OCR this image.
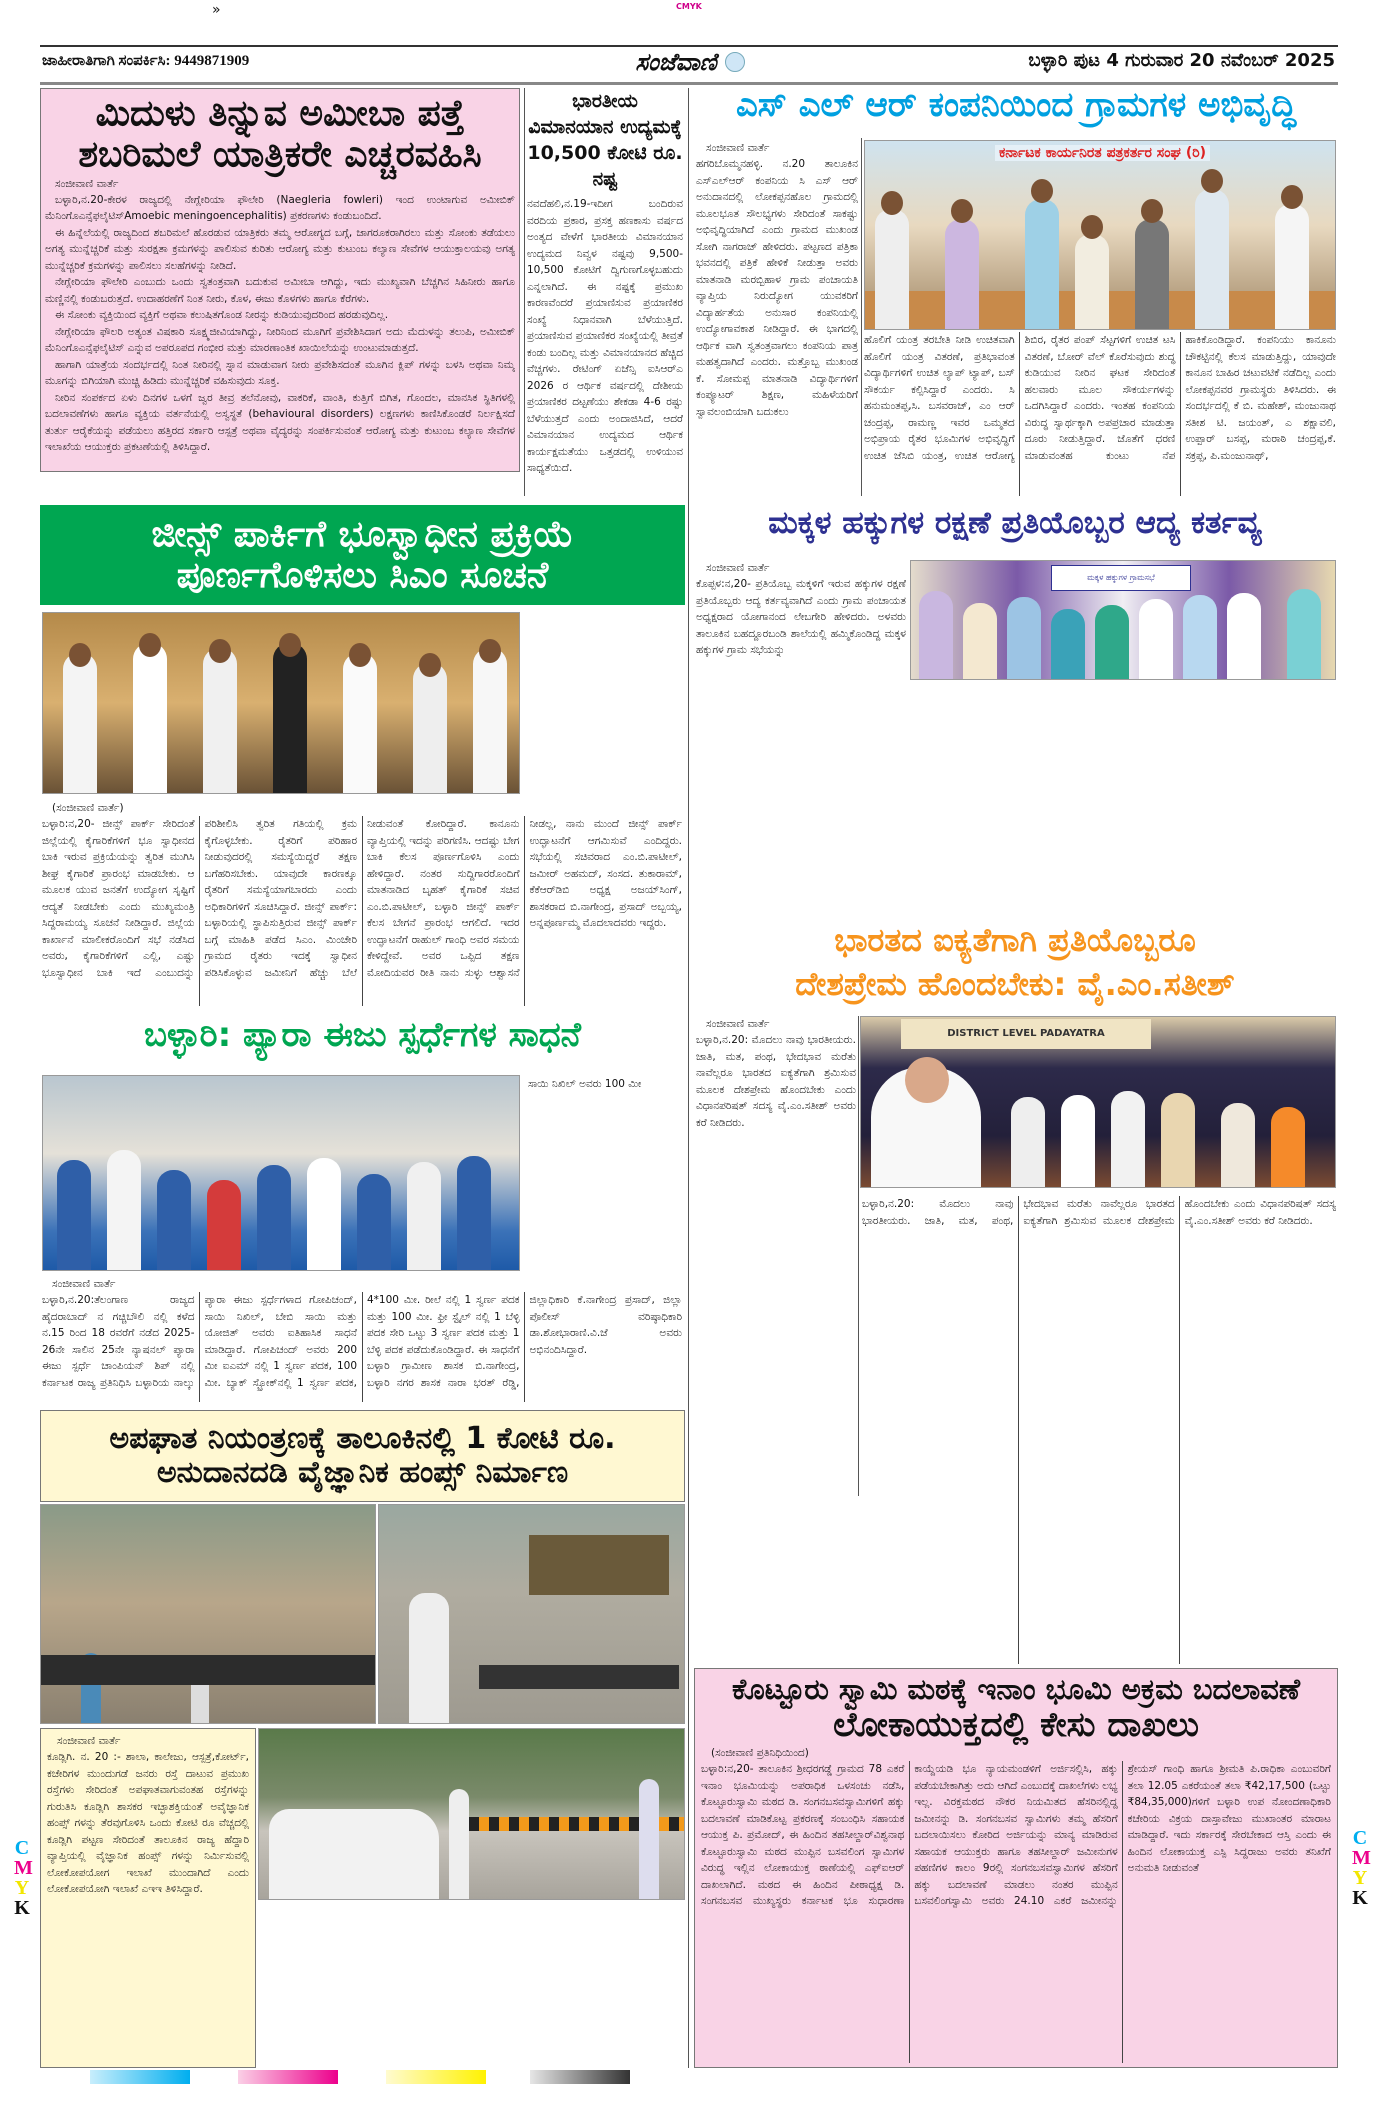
»	CMYK
ಜಾಹೀರಾತಿಗಾಗಿ ಸಂಪರ್ಕಿಸಿ: 9449871909	ಸಂಜೆವಾಣಿ	ಬಳ್ಳಾರಿ ಪುಟ 4 ಗುರುವಾರ 20 ನವೆಂಬರ್ 2025
ಮಿದುಳು ತಿನ್ನುವ ಅಮೀಬಾ ಪತ್ತೆ
ಶಬರಿಮಲೆ ಯಾತ್ರಿಕರೇ ಎಚ್ಚರವಹಿಸಿ
ಸಂಜೀವಾಣಿ ವಾರ್ತೆ

ಬಳ್ಳಾರಿ,ನ.20-ಕೇರಳ ರಾಜ್ಯದಲ್ಲಿ ನೇಗ್ಲೇರಿಯಾ ಫೌಲೇರಿ (Naegleria fowleri) ಇಂದ ಉಂಟಾಗುವ ಅಮೀಬಿಕ್ ಮೆನಿಂಗೊಎನ್ಸೆಫಲೈಟಿಸ್Amoebic meningoencephalitis) ಪ್ರಕರಣಗಳು ಕಂಡುಬಂದಿದೆ.

ಈ ಹಿನ್ನೆಲೆಯಲ್ಲಿ ರಾಜ್ಯದಿಂದ ಶಬರಿಮಲೆ ಹೊರಡುವ ಯಾತ್ರಿಕರು ತಮ್ಮ ಆರೋಗ್ಯದ ಬಗ್ಗೆ, ಜಾಗರೂಕರಾಗಿರಲು ಮತ್ತು ಸೋಂಕು ತಡೆಯಲು ಅಗತ್ಯ ಮುನ್ನೆಚ್ಚರಿಕೆ ಮತ್ತು ಸುರಕ್ಷತಾ ಕ್ರಮಗಳನ್ನು ಪಾಲಿಸುವ ಕುರಿತು ಆರೋಗ್ಯ ಮತ್ತು ಕುಟುಂಬ ಕಲ್ಯಾಣ ಸೇವೆಗಳ ಆಯುಕ್ತಾಲಯವು ಅಗತ್ಯ ಮುನ್ನೆಚ್ಚರಿಕೆ ಕ್ರಮಗಳನ್ನು ಪಾಲಿಸಲು ಸಲಹೆಗಳನ್ನು ನೀಡಿದೆ.

ನೇಗ್ಲೇರಿಯಾ ಫೌಲೇರಿ ಎಂಬುದು ಒಂದು ಸ್ವತಂತ್ರವಾಗಿ ಬದುಕುವ ಅಮೀಬಾ ಆಗಿದ್ದು, ಇದು ಮುಖ್ಯವಾಗಿ ಬೆಚ್ಚಗಿನ ಸಿಹಿನೀರು ಹಾಗೂ ಮಣ್ಣಿನಲ್ಲಿ ಕಂಡುಬರುತ್ತದೆ. ಉದಾಹರಣೆಗೆ ನಿಂತ ನೀರು, ಕೊಳ, ಈಜು ಕೊಳಗಳು ಹಾಗೂ ಕೆರೆಗಳು.

ಈ ಸೋಂಕು ವ್ಯಕ್ತಿಯಿಂದ ವ್ಯಕ್ತಿಗೆ ಅಥವಾ ಕಲುಷಿತಗೊಂಡ ನೀರನ್ನು ಕುಡಿಯುವುದರಿಂದ ಹರಡುವುದಿಲ್ಲ.

ನೇಗ್ಲೇರಿಯಾ ಫೌಲರಿ ಅತ್ಯಂತ ವಿಷಕಾರಿ ಸೂಕ್ಷ್ಮಜೀವಿಯಾಗಿದ್ದು, ನೀರಿನಿಂದ ಮೂಗಿಗೆ ಪ್ರವೇಶಿಸಿದಾಗ ಅದು ಮೆದುಳನ್ನು ತಲುಪಿ, ಅಮೀಬಿಕ್ ಮೆನಿಂಗೊಎನ್ಸೆಫಲೈಟಿಸ್ ಎನ್ನುವ ಅಪರೂಪದ ಗಂಭೀರ ಮತ್ತು ಮಾರಣಾಂತಿಕ ಖಾಯಿಲೆಯನ್ನು ಉಂಟುಮಾಡುತ್ತದೆ.

ಹಾಗಾಗಿ ಯಾತ್ರೆಯ ಸಂದರ್ಭದಲ್ಲಿ ನಿಂತ ನೀರಿನಲ್ಲಿ ಸ್ನಾನ ಮಾಡುವಾಗ ನೀರು ಪ್ರವೇಶಿಸದಂತೆ ಮೂಗಿನ ಕ್ಲಿಪ್ ಗಳನ್ನು ಬಳಸಿ ಅಥವಾ ನಿಮ್ಮ ಮೂಗನ್ನು ಬಿಗಿಯಾಗಿ ಮುಚ್ಚಿ ಹಿಡಿದು ಮುನ್ನೆಚ್ಚರಿಕೆ ವಹಿಸುವುದು ಸೂಕ್ತ.

ನೀರಿನ ಸಂಪರ್ಕದ ಏಳು ದಿನಗಳ ಒಳಗೆ ಜ್ವರ ತೀವ್ರ ತಲೆನೋವು, ವಾಕರಿಕೆ, ವಾಂತಿ, ಕುತ್ತಿಗೆ ಬಿಗಿತ, ಗೊಂದಲ, ಮಾನಸಿಕ ಸ್ಥಿತಿಗಳಲ್ಲಿ ಬದಲಾವಣೆಗಳು ಹಾಗೂ ವ್ಯಕ್ತಿಯ ವರ್ತನೆಯಲ್ಲಿ ಅಸ್ವಸ್ಥತೆ (behavioural disorders) ಲಕ್ಷಣಗಳು ಕಾಣಿಸಿಕೊಂಡರೆ ನಿರ್ಲಕ್ಷಿಸದೆ ತುರ್ತು ಆರೈಕೆಯನ್ನು ಪಡೆಯಲು ಹತ್ತಿರದ ಸರ್ಕಾರಿ ಆಸ್ಪತ್ರೆ ಅಥವಾ ವೈದ್ಯರನ್ನು ಸಂಪರ್ಕಿಸುವಂತೆ ಆರೋಗ್ಯ ಮತ್ತು ಕುಟುಂಬ ಕಲ್ಯಾಣ ಸೇವೆಗಳ ಇಲಾಖೆಯ ಆಯುಕ್ತರು ಪ್ರಕಟಣೆಯಲ್ಲಿ ತಿಳಿಸಿದ್ದಾರೆ.

ಭಾರತೀಯ ವಿಮಾನಯಾನ ಉದ್ಯಮಕ್ಕೆ 10,500 ಕೋಟಿ ರೂ. ನಷ್ಟ
ನವದೆಹಲಿ,ನ.19-ಇದೀಗ ಬಂದಿರುವ ವರದಿಯ ಪ್ರಕಾರ, ಪ್ರಸಕ್ತ ಹಣಕಾಸು ವರ್ಷದ ಅಂತ್ಯದ ವೇಳೆಗೆ ಭಾರತೀಯ ವಿಮಾನಯಾನ ಉದ್ಯಮದ ನಿವ್ವಳ ನಷ್ಟವು 9,500-10,500 ಕೋಟಿಗೆ ದ್ವಿಗುಣಗೊಳ್ಳಬಹುದು ಎನ್ನಲಾಗಿದೆ. ಈ ನಷ್ಟಕ್ಕೆ ಪ್ರಮುಖ ಕಾರಣವೆಂದರೆ ಪ್ರಯಾಣಿಸುವ ಪ್ರಯಾಣಿಕರ ಸಂಖ್ಯೆ ನಿಧಾನವಾಗಿ ಬೆಳೆಯುತ್ತಿದೆ. ಪ್ರಯಾಣಿಸುವ ಪ್ರಯಾಣಿಕರ ಸಂಖ್ಯೆಯಲ್ಲಿ ತೀವ್ರತೆ ಕಂಡು ಬಂದಿಲ್ಲ ಮತ್ತು ವಿಮಾನಯಾನದ ಹೆಚ್ಚಿದ ವೆಚ್ಚಗಳು. ರೇಟಿಂಗ್ ಏಜೆನ್ಸಿ ಐಸಿಆರ್‌ಎ 2026 ರ ಆರ್ಥಿಕ ವರ್ಷದಲ್ಲಿ ದೇಶೀಯ ಪ್ರಯಾಣಿಕರ ದಟ್ಟಣೆಯು ಶೇಕಡಾ 4-6 ರಷ್ಟು ಬೆಳೆಯುತ್ತದೆ ಎಂದು ಅಂದಾಜಿಸಿದೆ, ಆದರೆ ವಿಮಾನಯಾನ ಉದ್ಯಮದ ಆರ್ಥಿಕ ಕಾರ್ಯಕ್ಷಮತೆಯು ಒತ್ತಡದಲ್ಲಿ ಉಳಿಯುವ ಸಾಧ್ಯತೆಯಿದೆ.
ಎಸ್ ಎಲ್ ಆರ್ ಕಂಪನಿಯಿಂದ ಗ್ರಾಮಗಳ ಅಭಿವೃದ್ಧಿ
ಸಂಜೀವಾಣಿ ವಾರ್ತೆ
ಹಗರಿಬೊಮ್ಮನಹಳ್ಳಿ. ನ.20 ತಾಲೂಕಿನ ಎಸ್‌ಎಲ್‌ಆರ್ ಕಂಪನಿಯ ಸಿ ಎಸ್ ಆರ್ ಅನುದಾನದಲ್ಲಿ ಲೋಕಪ್ಪನಹೊಲ ಗ್ರಾಮದಲ್ಲಿ ಮೂಲಭೂತ ಸೌಲಭ್ಯಗಳು ಸೇರಿದಂತೆ ಸಾಕಷ್ಟು ಅಭಿವೃದ್ಧಿಯಾಗಿದೆ ಎಂದು ಗ್ರಾಮದ ಮುಖಂಡ ಸೋಗಿ ನಾಗರಾಜ್ ಹೇಳಿದರು. ಪಟ್ಟಣದ ಪತ್ರಿಕಾ ಭವನದಲ್ಲಿ ಪತ್ರಿಕೆ ಹೇಳಿಕೆ ನೀಡುತ್ತಾ ಅವರು ಮಾತನಾಡಿ ಮರಬ್ಬಿಹಾಳ ಗ್ರಾಮ ಪಂಚಾಯತಿ ವ್ಯಾಪ್ತಿಯ ನಿರುದ್ಯೋಗ ಯುವಕರಿಗೆ ವಿದ್ಯಾರ್ಹತೆಯ ಅನುಸಾರ ಕಂಪನಿಯಲ್ಲಿ ಉದ್ಯೋಗಾವಕಾಶ ನೀಡಿದ್ದಾರೆ. ಈ ಭಾಗದಲ್ಲಿ ಆರ್ಥಿಕ ವಾಗಿ ಸ್ವತಂತ್ರವಾಗಲು ಕಂಪನಿಯ ಪಾತ್ರ ಮಹತ್ವದಾಗಿದೆ ಎಂದರು. ಮತ್ತೊಬ್ಬ ಮುಖಂಡ ಕೆ. ಸೋಮಪ್ಪ ಮಾತನಾಡಿ ವಿದ್ಯಾರ್ಥಿಗಳಿಗೆ ಕಂಪ್ಯೂಟರ್ ಶಿಕ್ಷಣ, ಮಹಿಳೆಯರಿಗೆ ಸ್ವಾವಲಂಬಿಯಾಗಿ ಬದುಕಲು
ಕರ್ನಾಟಕ ಕಾರ್ಯನಿರತ ಪತ್ರಕರ್ತರ ಸಂಘ (ರಿ)
ಹೊಲಿಗೆ ಯಂತ್ರ ತರಬೇತಿ ನೀಡಿ ಉಚಿತವಾಗಿ ಹೊಲಿಗೆ ಯಂತ್ರ ವಿತರಣೆ, ಪ್ರತಿಭಾವಂತ ವಿದ್ಯಾರ್ಥಿಗಳಿಗೆ ಉಚಿತ ಲ್ಯಾಪ್ ಟ್ಯಾಪ್, ಬಸ್ ಸೌಕರ್ಯ ಕಲ್ಪಿಸಿದ್ದಾರೆ ಎಂದರು. ಸಿ ಹನುಮಂತಪ್ಪ,ಸಿ. ಬಸವರಾಜ್, ಎಂ ಆರ್ ಚಂದ್ರಪ್ಪ, ರಾಮಣ್ಣ ಇವರ ಒಮ್ಮತದ ಅಭಿಪ್ರಾಯ ರೈತರ ಭೂಮಿಗಳ ಅಭಿವೃದ್ಧಿಗೆ ಉಚಿತ ಜೆಸಿಬಿ ಯಂತ್ರ, ಉಚಿತ ಆರೋಗ್ಯ ಶಿಬಿರ, ರೈತರ ಪಂಪ್ ಸೆಟ್ಟಗಳಿಗೆ ಉಚಿತ ಟಸಿ ವಿತರಣೆ, ಬೋರ್ ವೆಲ್ ಕೊರೆಸುವುದು ಶುದ್ಧ ಕುಡಿಯುವ ನೀರಿನ ಘಟಕ ಸೇರಿದಂತೆ ಹಲವಾರು ಮೂಲ ಸೌಕರ್ಯಗಳನ್ನು ಒದಗಿಸಿದ್ದಾರೆ ಎಂದರು. ಇಂತಹ ಕಂಪನಿಯ ವಿರುದ್ಧ ಸ್ವಾರ್ಥಕ್ಕಾಗಿ ಅಪಪ್ರಚಾರ ಮಾಡುತ್ತಾ ದೂರು ನೀಡುತ್ತಿದ್ದಾರೆ. ಜೊತೆಗೆ ಧರಣಿ ಮಾಡುವಂತಹ ಕುಂಟು ನೆಪ ಹಾಕಿಕೊಂಡಿದ್ದಾರೆ. ಕಂಪನಿಯು ಕಾನೂನು ಚೌಕಟ್ಟಿನಲ್ಲಿ ಕೆಲಸ ಮಾಡುತ್ತಿದ್ದು, ಯಾವುದೇ ಕಾನೂನ ಬಾಹಿರ ಚಟುವಟಿಕೆ ನಡೆದಿಲ್ಲ ಎಂದು ಲೋಕಪ್ಪನವರ ಗ್ರಾಮಸ್ಥರು ತಿಳಿಸಿದರು. ಈ ಸಂದರ್ಭದಲ್ಲಿ ಕೆ ಬಿ. ಮಹೇಶ್, ಮಂಜುನಾಥ ಸತೀಶ ಟಿ. ಜಯಂತ್, ಎ ಶಕ್ಷಾವಲಿ, ಉಪ್ಪಾರ್ ಬಸಪ್ಪ, ಮರಾಠಿ ಚಂದ್ರಪ್ಪ,ಕೆ. ಸಕ್ರಪ್ಪ, ಪಿ.ಮಂಜುನಾಥ್,
ಜೀನ್ಸ್ ಪಾರ್ಕಿಗೆ ಭೂಸ್ವಾಧೀನ ಪ್ರಕ್ರಿಯೆ
ಪೂರ್ಣಗೊಳಿಸಲು ಸಿಎಂ ಸೂಚನೆ
(ಸಂಜೀವಾಣಿ ವಾರ್ತೆ)
ಬಳ್ಳಾರಿ:ನ,20- ಜೀನ್ಸ್ ಪಾರ್ಕ್ ಸೇರಿದಂತೆ ಜಿಲ್ಲೆಯಲ್ಲಿ ಕೈಗಾರಿಕೆಗಳಿಗೆ ಭೂ ಸ್ವಾಧೀನದ ಬಾಕಿ ಇರುವ ಪ್ರಕ್ರಿಯೆಯನ್ನು ತ್ವರಿತ ಮುಗಿಸಿ ಶೀಘ್ರ ಕೈಗಾರಿಕೆ ಪ್ರಾರಂಭ ಮಾಡಬೇಕು. ಆ ಮೂಲಕ ಯುವ ಜನತೆಗೆ ಉದ್ಯೋಗ ಸೃಷ್ಟಿಗೆ ಆದ್ಯತೆ ನೀಡಬೇಕು ಎಂದು ಮುಖ್ಯಮಂತ್ರಿ ಸಿದ್ದರಾಮಯ್ಯ ಸೂಚನೆ ನೀಡಿದ್ದಾರೆ. ಜಿಲ್ಲೆಯ ಕಾರ್ಖಾನೆ ಮಾಲೀಕರೊಂದಿಗೆ ಸಭೆ ನಡೆಸಿದ ಅವರು, ಕೈಗಾರಿಕೆಗಳಿಗೆ ಎಲ್ಲಿ, ಎಷ್ಟು ಭೂಸ್ವಾಧೀನ ಬಾಕಿ ಇದೆ ಎಂಬುದನ್ನು ಪರಿಶೀಲಿಸಿ ತ್ವರಿತ ಗತಿಯಲ್ಲಿ ಕ್ರಮ ಕೈಗೊಳ್ಳಬೇಕು. ರೈತರಿಗೆ ಪರಿಹಾರ ನೀಡುವುದರಲ್ಲಿ ಸಮಸ್ಯೆಯಿದ್ದರೆ ತಕ್ಷಣ ಬಗೆಹರಿಸಬೇಕು. ಯಾವುದೇ ಕಾರಣಕ್ಕೂ ರೈತರಿಗೆ ಸಮಸ್ಯೆಯಾಗಬಾರದು ಎಂದು ಅಧಿಕಾರಿಗಳಿಗೆ ಸೂಚಿಸಿದ್ದಾರೆ. ಜೀನ್ಸ್ ಪಾರ್ಕ್: ಬಳ್ಳಾರಿಯಲ್ಲಿ ಸ್ಥಾಪಿಸುತ್ತಿರುವ ಜೀನ್ಸ್ ಪಾರ್ಕ್ ಬಗ್ಗೆ ಮಾಹಿತಿ ಪಡೆದ ಸಿಎಂ. ಮಿಂಚೇರಿ ಗ್ರಾಮದ ರೈತರು ಇದಕ್ಕೆ ಸ್ವಾಧೀನ ಪಡಿಸಿಕೊಳ್ಳುವ ಜಮೀನಿಗೆ ಹೆಚ್ಚು ಬೆಲೆ ನೀಡುವಂತೆ ಕೋರಿದ್ದಾರೆ. ಕಾನೂನು ವ್ಯಾಪ್ತಿಯಲ್ಲಿ ಇದನ್ನು ಪರಿಗಣಿಸಿ. ಆದಷ್ಟು ಬೇಗ ಬಾಕಿ ಕೆಲಸ ಪೂರ್ಣಗೊಳಿಸಿ ಎಂದು ಹೇಳಿದ್ದಾರೆ. ನಂತರ ಸುದ್ದಿಗಾರರೊಂದಿಗೆ ಮಾತನಾಡಿದ ಬೃಹತ್ ಕೈಗಾರಿಕೆ ಸಚಿವ ಎಂ.ಬಿ.ಪಾಟೀಲ್, ಬಳ್ಳಾರಿ ಜೀನ್ಸ್ ಪಾರ್ಕ್ ಕೆಲಸ ಬೇಗನೆ ಪ್ರಾರಂಭ ಆಗಲಿದೆ. ಇದರ ಉದ್ಘಾಟನೆಗೆ ರಾಹುಲ್ ಗಾಂಧಿ ಅವರ ಸಮಯ ಕೇಳಿದ್ದೇವೆ. ಅವರ ಒಪ್ಪಿದ ತಕ್ಷಣ ಮೋದಿಯವರ ರೀತಿ ನಾನು ಸುಳ್ಳು ಆಶ್ವಾಸನೆ ನೀಡಲ್ಲ, ನಾನು ಮುಂದೆ ಜೀನ್ಸ್ ಪಾರ್ಕ್ ಉದ್ಘಾಟನೆಗೆ ಆಗಮಿಸುವೆ ಎಂದಿದ್ದರು. ಸಭೆಯಲ್ಲಿ ಸಚಿವರಾದ ಎಂ.ಬಿ.ಪಾಟೀಲ್, ಜಮೀರ್ ಅಹಮದ್, ಸಂಸದ. ತುಕಾರಾಮ್, ಕೆಕೆಆರ್‌ಡಿಬಿ ಅಧ್ಯಕ್ಷ ಅಜಯ್‌ಸಿಂಗ್, ಶಾಸಕರಾದ ಬಿ.ನಾಗೇಂದ್ರ, ಪ್ರಸಾದ್ ಅಬ್ಬಯ್ಯ, ಅನ್ನಪೂರ್ಣಮ್ಮ ಮೊದಲಾದವರು ಇದ್ದರು.
ಮಕ್ಕಳ ಹಕ್ಕುಗಳ ರಕ್ಷಣೆ ಪ್ರತಿಯೊಬ್ಬರ ಆದ್ಯ ಕರ್ತವ್ಯ
ಮಕ್ಕಳ ಹಕ್ಕುಗಳ ಗ್ರಾಮಸಭೆ
ಸಂಜೀವಾಣಿ ವಾರ್ತೆ
ಕೊಪ್ಪಳ:ನ,20- ಪ್ರತಿಯೊಬ್ಬ ಮಕ್ಕಳಿಗೆ ಇರುವ ಹಕ್ಕುಗಳ ರಕ್ಷಣೆ ಪ್ರತಿಯೊಬ್ಬರು ಆದ್ಯ ಕರ್ತವ್ಯವಾಗಿದೆ ಎಂದು ಗ್ರಾಮ ಪಂಚಾಯತ ಅಧ್ಯಕ್ಷರಾದ ಯೋಗಾನಂದ ಲೇಬಗೇರಿ ಹೇಳಿದರು. ಅಳವರು ತಾಲೂಕಿನ ಬಹದ್ದೂರಬಂಡಿ ಶಾಲೆಯಲ್ಲಿ ಹಮ್ಮಿಕೊಂಡಿದ್ದ ಮಕ್ಕಳ ಹಕ್ಕುಗಳ ಗ್ರಾಮ ಸಭೆಯನ್ನು
ಭಾರತದ ಐಕ್ಯತೆಗಾಗಿ ಪ್ರತಿಯೊಬ್ಬರೂ
ದೇಶಪ್ರೇಮ ಹೊಂದಬೇಕು: ವೈ.ಎಂ.ಸತೀಶ್
ಸಂಜೀವಾಣಿ ವಾರ್ತೆ
ಬಳ್ಳಾರಿ,ನ.20: ಮೊದಲು ನಾವು ಭಾರತೀಯರು. ಜಾತಿ, ಮತ, ಪಂಥ, ಭೇದಭಾವ ಮರೆತು ನಾವೆಲ್ಲರೂ ಭಾರತದ ಐಕ್ಯತೆಗಾಗಿ ಶ್ರಮಿಸುವ ಮೂಲಕ ದೇಶಪ್ರೇಮ ಹೊಂದಬೇಕು ಎಂದು ವಿಧಾನಪರಿಷತ್ ಸದಸ್ಯ ವೈ.ಎಂ.ಸತೀಶ್ ಅವರು ಕರೆ ನೀಡಿದರು.
DISTRICT LEVEL PADAYATRA
ಬಳ್ಳಾರಿ: ಪ್ಯಾರಾ ಈಜು ಸ್ಪರ್ಧೆಗಳ ಸಾಧನೆ
ಸಾಯಿ ನಿಖಿಲ್ ಅವರು 100 ಮೀ
ಸಂಜೀವಾಣಿ ವಾರ್ತೆ
ಬಳ್ಳಾರಿ,ನ.20:ತೆಲಂಗಾಣ ರಾಜ್ಯದ ಹೈದರಾಬಾದ್ ನ ಗಚ್ಚಿಬೌಲಿ ನಲ್ಲಿ ಕಳೆದ ನ.15 ರಿಂದ 18 ರವರೆಗೆ ನಡೆದ 2025-26ನೇ ಸಾಲಿನ 25ನೇ ನ್ಯಾಷನಲ್ ಪ್ಯಾರಾ ಈಜು ಸ್ಪರ್ಧೆ ಚಾಂಪಿಯನ್ ಶಿಪ್ ನಲ್ಲಿ ಕರ್ನಾಟಕ ರಾಜ್ಯ ಪ್ರತಿನಿಧಿಸಿ ಬಳ್ಳಾರಿಯ ನಾಲ್ಕು ಪ್ಯಾರಾ ಈಜು ಸ್ಪರ್ಧೆಗಳಾದ ಗೋಪಿಚಂದ್, ಸಾಯಿ ನಿಖಿಲ್, ಬೇಬಿ ಸಾಯಿ ಮತ್ತು ಯೋಜಿತ್ ಅವರು ಐತಿಹಾಸಿಕ ಸಾಧನೆ ಮಾಡಿದ್ದಾರೆ. ಗೋಪಿಚಂದ್ ಅವರು 200 ಮೀ ಐಎಮ್ ನಲ್ಲಿ 1 ಸ್ವರ್ಣ ಪದಕ, 100 ಮೀ. ಬ್ಯಾಕ್ ಸ್ಟ್ರೋಕ್‌ನಲ್ಲಿ 1 ಸ್ವರ್ಣ ಪದಕ, 4*100 ಮೀ. ರೀಲೆ ನಲ್ಲಿ 1 ಸ್ವರ್ಣ ಪದಕ ಮತ್ತು 100 ಮೀ. ಫ್ರೀ ಸ್ಟೈಲ್ ನಲ್ಲಿ 1 ಬೆಳ್ಳಿ ಪದಕ ಸೇರಿ ಒಟ್ಟು 3 ಸ್ವರ್ಣ ಪದಕ ಮತ್ತು 1 ಬೆಳ್ಳಿ ಪದಕ ಪಡೆದುಕೊಂಡಿದ್ದಾರೆ. ಈ ಸಾಧನೆಗೆ ಬಳ್ಳಾರಿ ಗ್ರಾಮೀಣ ಶಾಸಕ ಬಿ.ನಾಗೇಂದ್ರ, ಬಳ್ಳಾರಿ ನಗರ ಶಾಸಕ ನಾರಾ ಭರತ್ ರೆಡ್ಡಿ, ಜಿಲ್ಲಾಧಿಕಾರಿ ಕೆ.ನಾಗೇಂದ್ರ ಪ್ರಸಾದ್, ಜಿಲ್ಲಾ ಪೊಲೀಸ್ ವರಿಷ್ಠಾಧಿಕಾರಿ ಡಾ.ಶೋಭಾರಾಣಿ.ವಿ.ಜೆ ಅವರು ಅಭಿನಂದಿಸಿದ್ದಾರೆ.
ಅಪಘಾತ ನಿಯಂತ್ರಣಕ್ಕೆ ತಾಲೂಕಿನಲ್ಲಿ 1 ಕೋಟಿ ರೂ.
ಅನುದಾನದಡಿ ವೈಜ್ಞಾನಿಕ ಹಂಪ್ಸ್ ನಿರ್ಮಾಣ
ಸಂಜೀವಾಣಿ ವಾರ್ತೆ
ಕೂಡ್ಲಿಗಿ. ನ. 20 :- ಶಾಲಾ, ಕಾಲೇಜು, ಆಸ್ಪತ್ರೆ,ಕೋರ್ಟ್, ಕಚೇರಿಗಳ ಮುಂದುಗಡೆ ಜನರು ರಸ್ತೆ ದಾಟುವ ಪ್ರಮುಖ ರಸ್ತೆಗಳು ಸೇರಿದಂತೆ ಅಪಘಾತವಾಗುವಂತಹ ರಸ್ತೆಗಳನ್ನು ಗುರುತಿಸಿ ಕೂಡ್ಲಿಗಿ ಶಾಸಕರ ಇಚ್ಛಾಶಕ್ತಿಯಂತೆ ಅವೈಜ್ಞಾನಿಕ ಹಂಪ್ಸ್ ಗಳನ್ನು ತೆರವುಗೊಳಿಸಿ ಒಂದು ಕೋಟಿ ರೂ ವೆಚ್ಚದಲ್ಲಿ ಕೂಡ್ಲಿಗಿ ಪಟ್ಟಣ ಸೇರಿದಂತೆ ತಾಲೂಕಿನ ರಾಜ್ಯ ಹೆದ್ದಾರಿ ವ್ಯಾಪ್ತಿಯಲ್ಲಿ ವೈಜ್ಞಾನಿಕ ಹಂಪ್ಸ್ ಗಳನ್ನು ನಿರ್ಮಿಸುವಲ್ಲಿ ಲೋಕೋಪಯೋಗ ಇಲಾಖೆ ಮುಂದಾಗಿದೆ ಎಂದು ಲೋಕೋಪಯೋಗಿ ಇಲಾಖೆ ಎಇಇ ತಿಳಿಸಿದ್ದಾರೆ.
ಬಳ್ಳಾರಿ,ನ.20: ಮೊದಲು ನಾವು ಭಾರತೀಯರು. ಜಾತಿ, ಮತ, ಪಂಥ, ಭೇದಭಾವ ಮರೆತು ನಾವೆಲ್ಲರೂ ಭಾರತದ ಐಕ್ಯತೆಗಾಗಿ ಶ್ರಮಿಸುವ ಮೂಲಕ ದೇಶಪ್ರೇಮ ಹೊಂದಬೇಕು ಎಂದು ವಿಧಾನಪರಿಷತ್ ಸದಸ್ಯ ವೈ.ಎಂ.ಸತೀಶ್ ಅವರು ಕರೆ ನೀಡಿದರು.
ಕೊಟ್ಟೂರು ಸ್ವಾಮಿ ಮಠಕ್ಕೆ ಇನಾಂ ಭೂಮಿ ಅಕ್ರಮ ಬದಲಾವಣೆ
ಲೋಕಾಯುಕ್ತದಲ್ಲಿ ಕೇಸು ದಾಖಲು
(ಸಂಜೀವಾಣಿ ಪ್ರತಿನಿಧಿಯಿಂದ)
ಬಳ್ಳಾರಿ:ನ,20- ತಾಲೂಕಿನ ಶ್ರೀಧರಗಡ್ಡೆ ಗ್ರಾಮದ 78 ಎಕರೆ ಇನಾಂ ಭೂಮಿಯನ್ನು ಅಪರಾಧಿಕ ಒಳಸಂಚು ನಡೆಸಿ, ಕೊಟ್ಟೂರುಸ್ವಾಮಿ ಮಠದ ಡಿ. ಸಂಗನಬಸವಸ್ವಾಮಿಗಳಿಗೆ ಹಕ್ಕು ಬದಲಾವಣೆ ಮಾಡಿಕೊಟ್ಟ ಪ್ರಕರಣಕ್ಕೆ ಸಂಬಂಧಿಸಿ ಸಹಾಯಕ ಆಯುಕ್ತ ಪಿ. ಪ್ರಮೋದ್, ಈ ಹಿಂದಿನ ತಹಸೀಲ್ದಾರ್‌ವಿಶ್ವನಾಥ ಕೊಟ್ಟೂರುಸ್ವಾಮಿ ಮಠದ ಮುಪ್ಪಿನ ಬಸವಲಿಂಗ ಸ್ವಾಮಿಗಳ ವಿರುದ್ಧ ಇಲ್ಲಿನ ಲೋಕಾಯುಕ್ತ ಠಾಣೆಯಲ್ಲಿ ಎಫ್‌ಐಆರ್ ದಾಖಲಾಗಿದೆ. ಮಠದ ಈ ಹಿಂದಿನ ಪೀಠಾಧ್ಯಕ್ಷ ಡಿ. ಸಂಗನಬಸವ ಮುಖ್ಯಸ್ಥರು ಕರ್ನಾಟಕ ಭೂ ಸುಧಾರಣಾ ಕಾಯ್ದೆಯಡಿ ಭೂ ನ್ಯಾಯಮಂಡಳಿಗೆ ಅರ್ಜಿಸಲ್ಲಿಸಿ, ಹಕ್ಕು ಪಡೆಯಬೇಕಾಗಿತ್ತು ಅದು ಆಗಿದೆ ಎಂಬುದಕ್ಕೆ ದಾಖಲೆಗಳು ಲಭ್ಯ ಇಲ್ಲ. ವಿರಕ್ತಮಠದ ನೌಕರ ನಿಯಮಿತದ ಹೆಸರಿನಲ್ಲಿದ್ದ ಜಮೀನನ್ನು ಡಿ. ಸಂಗನಬಸವ ಸ್ವಾಮಿಗಳು ತಮ್ಮ ಹೆಸರಿಗೆ ಬದಲಾಯಿಸಲು ಕೋರಿದ ಅರ್ಜಿಯನ್ನು ಮಾನ್ಯ ಮಾಡಿರುವ ಸಹಾಯಕ ಆಯುಕ್ತರು ಹಾಗೂ ತಹಸೀಲ್ದಾರ್ ಜಮೀನುಗಳ ಪಹಣಿಗಳ ಕಾಲಂ 9ರಲ್ಲಿ ಸಂಗನಬಸವಸ್ವಾಮಿಗಳ ಹೆಸರಿಗೆ ಹಕ್ಕು ಬದಲಾವಣೆ ಮಾಡಲು ನಂತರ ಮುಪ್ಪಿನ ಬಸವಲಿಂಗಸ್ವಾಮಿ ಅವರು 24.10 ಎಕರೆ ಜಮೀನನ್ನು ಶ್ರೇಯಸ್ ಗಾಂಧಿ ಹಾಗೂ ಶ್ರೀಮತಿ ಪಿ.ರಾಧಿಕಾ ಎಂಬುವರಿಗೆ ತಲಾ 12.05 ಎಕರೆಯಂತೆ ತಲಾ ₹42,17,500 (ಒಟ್ಟು ₹84,35,000)ಗಳಿಗೆ ಬಳ್ಳಾರಿ ಉಪ ನೋಂದಣಾಧಿಕಾರಿ ಕಚೇರಿಯ ವಿಕ್ರಯ ದಾಸ್ತಾವೇಜು ಮುಖಾಂತರ ಮಾರಾಟ ಮಾಡಿದ್ದಾರೆ. ಇದು ಸರ್ಕಾರಕ್ಕೆ ಸೇರಬೇಕಾದ ಆಸ್ತಿ ಎಂದು ಈ ಹಿಂದಿನ ಲೋಕಾಯುಕ್ತ ಎಸ್ಪಿ ಸಿದ್ದರಾಜು ಅವರು ತನಿಖೆಗೆ ಅನುಮತಿ ನೀಡುವಂತೆ
C
M
Y
K
C
M
Y
K
